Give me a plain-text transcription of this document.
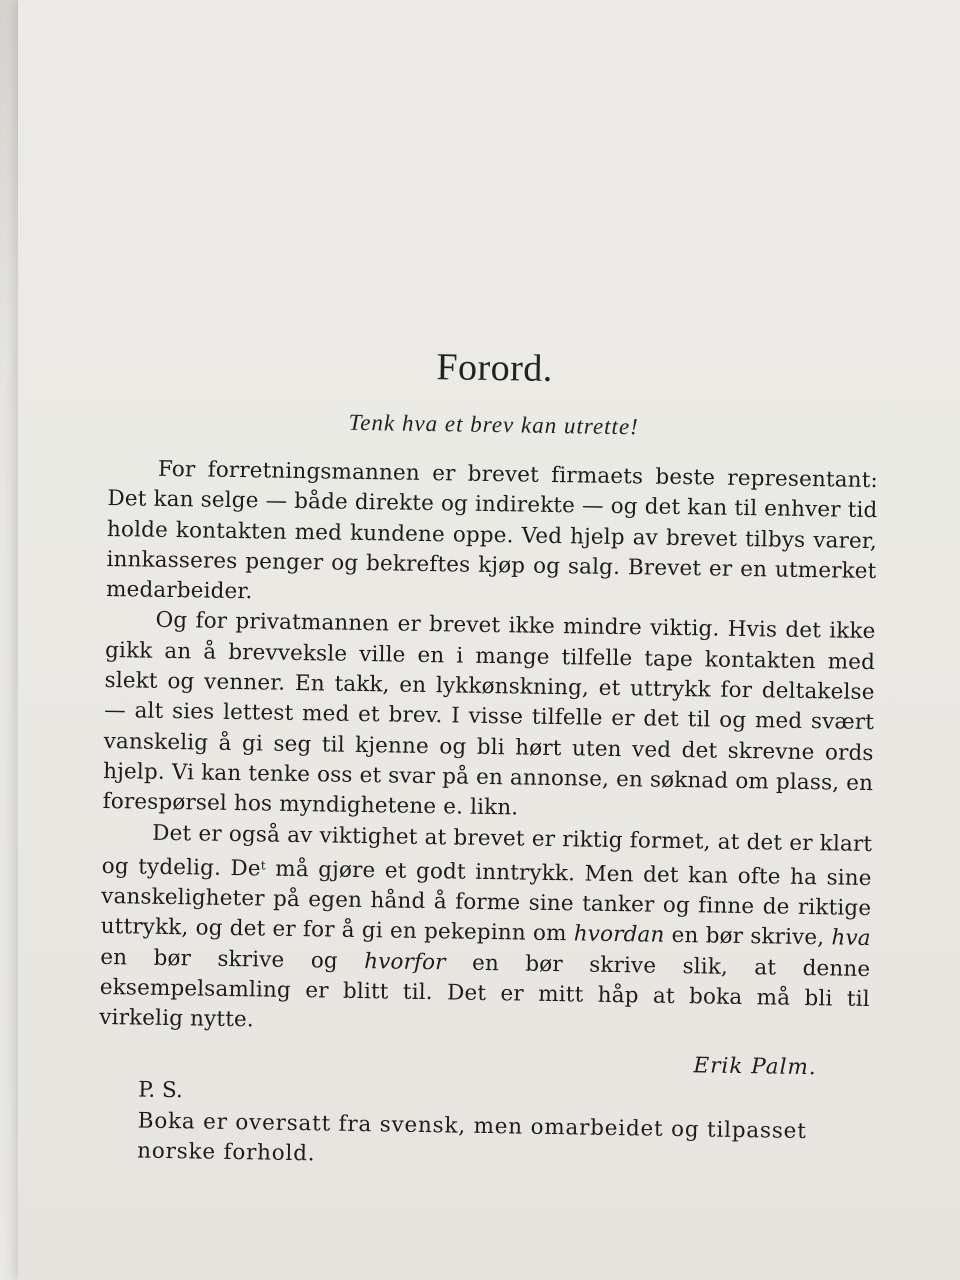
Forord.
Tenk hva et brev kan utrette!

For forretningsmannen er brevet firmaets beste representant: Det kan selge — både direkte og indirekte — og det kan til enhver tid holde kontakten med kundene oppe. Ved hjelp av brevet tilbys varer, innkasseres penger og bekreftes kjøp og salg. Brevet er en utmerket medarbeider.

Og for privatmannen er brevet ikke mindre viktig. Hvis det ikke gikk an å brevveksle ville en i mange tilfelle tape kontakten med slekt og venner. En takk, en lykkønskning, et uttrykk for deltakelse — alt sies lettest med et brev. I visse tilfelle er det til og med svært vanskelig å gi seg til kjenne og bli hørt uten ved det skrevne ords hjelp. Vi kan tenke oss et svar på en annonse, en søknad om plass, en forespørsel hos myndighetene e. likn.

Det er også av viktighet at brevet er riktig formet, at det er klart og tydelig. De$^t$ må gjøre et godt inntrykk. Men det kan ofte ha sine vanskeligheter på egen hånd å forme sine tanker og finne de riktige uttrykk, og det er for å gi en pekepinn om hvordan en bør skrive, hva en bør skrive og hvorfor en bør skrive slik, at denne eksempelsamling er blitt til. Det er mitt håp at boka må bli til virkelig nytte.

Erik Palm.
P. S.
Boka er oversatt fra svensk, men omarbeidet og tilpasset norske forhold.
